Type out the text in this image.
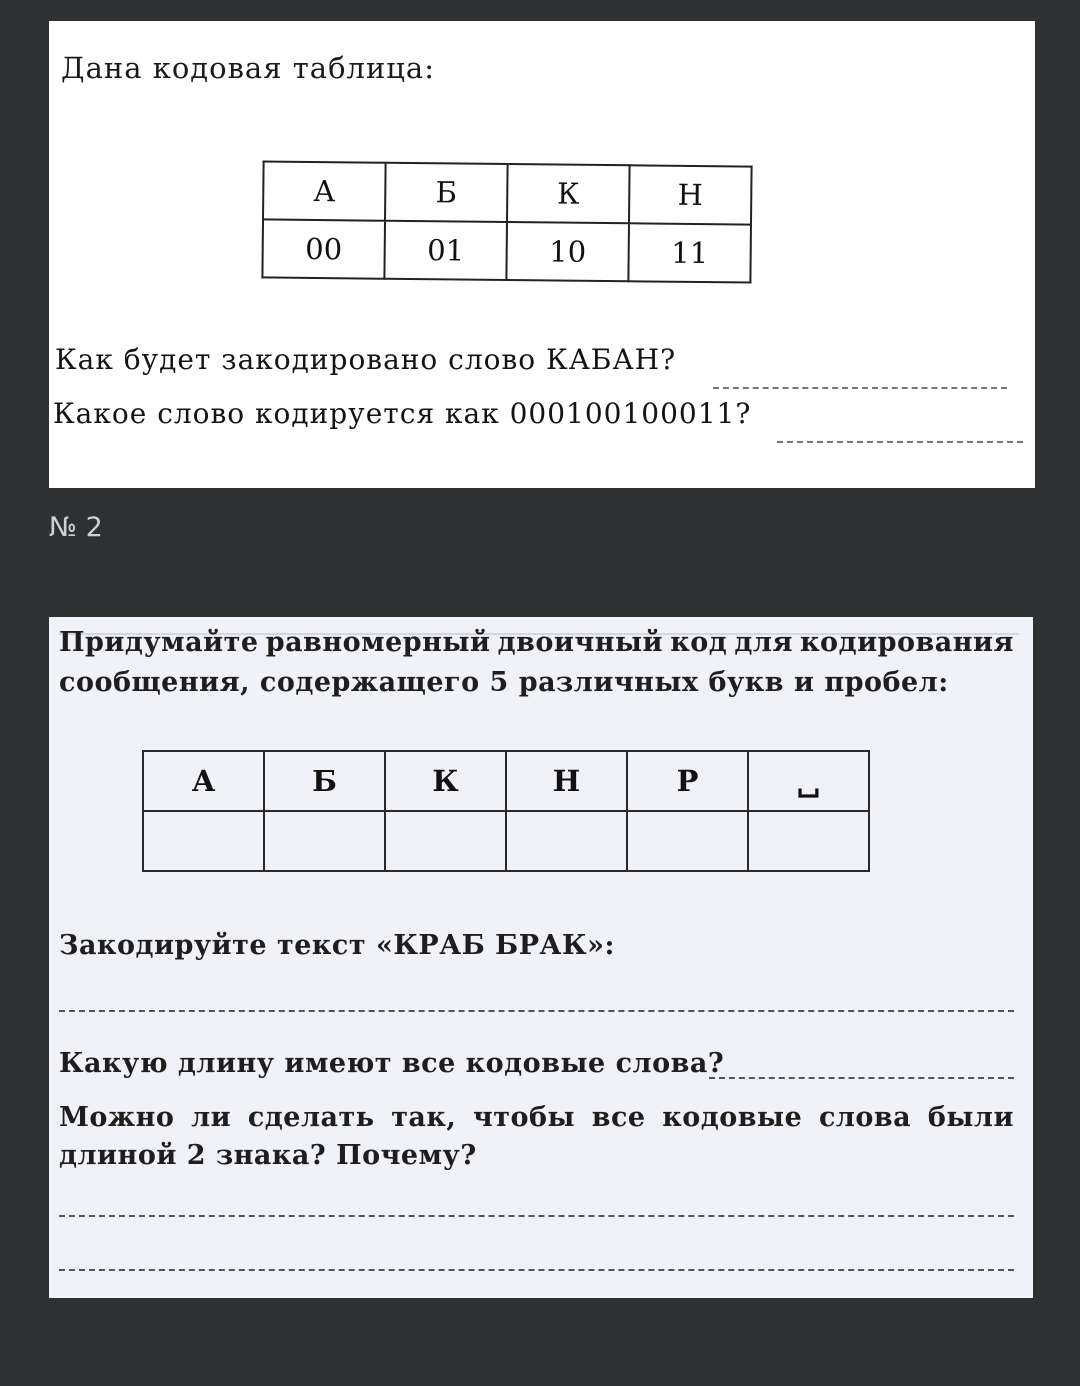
Дана кодовая таблица:
А	Б	К	Н
00	01	10	11
Как будет закодировано слово КАБАН?
Какое слово кодируется как 000100100011?
№ 2
Придумайте равномерный двоичный код для кодирования
сообщения, содержащего 5 различных букв и пробел:
А	Б	К	Н	Р	␣

Закодируйте текст «КРАБ БРАК»:
Какую длину имеют все кодовые слова?
Можно ли сделать так, чтобы все кодовые слова были
длиной 2 знака? Почему?
